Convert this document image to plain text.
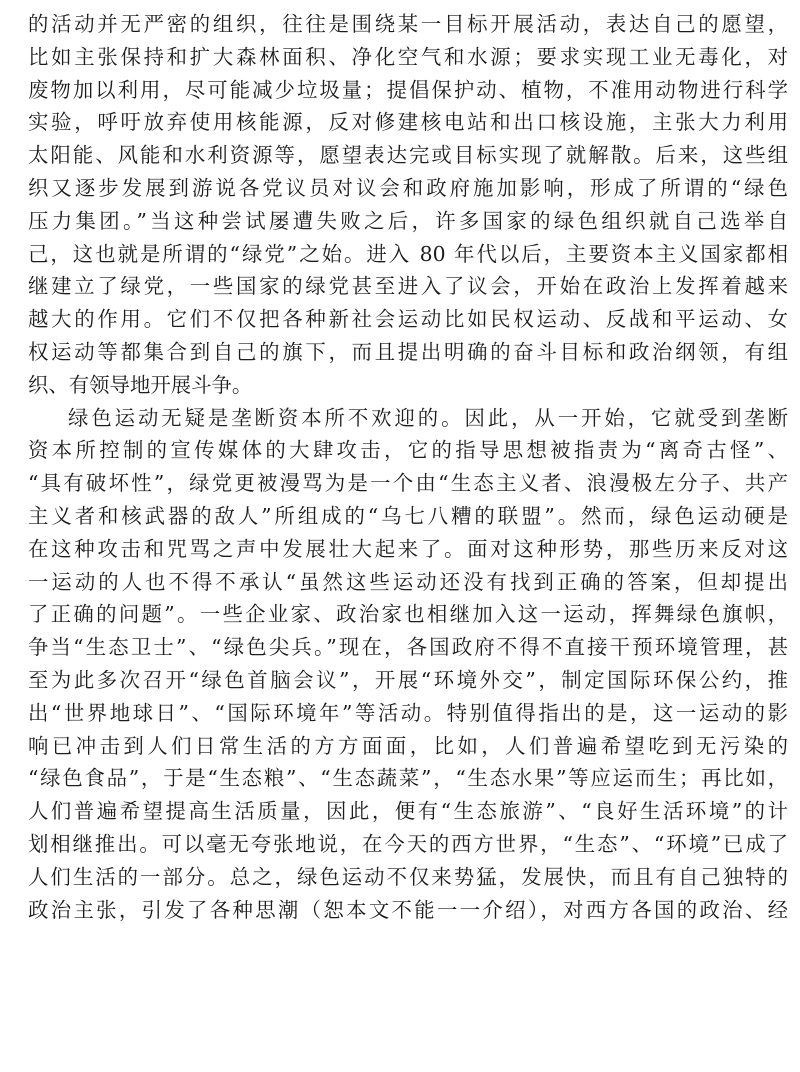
的活动并无严密的组织，往往是围绕某一目标开展活动，表达自己的愿望，
比如主张保持和扩大森林面积、净化空气和水源；要求实现工业无毒化，对
废物加以利用，尽可能减少垃圾量；提倡保护动、植物，不准用动物进行科学
实验，呼吁放弃使用核能源，反对修建核电站和出口核设施，主张大力利用
太阳能、风能和水利资源等，愿望表达完或目标实现了就解散。后来，这些组
织又逐步发展到游说各党议员对议会和政府施加影响，形成了所谓的“绿色
压力集团。”当这种尝试屡遭失败之后，许多国家的绿色组织就自己选举自
己，这也就是所谓的“绿党”之始。进入 80 年代以后，主要资本主义国家都相
继建立了绿党，一些国家的绿党甚至进入了议会，开始在政治上发挥着越来
越大的作用。它们不仅把各种新社会运动比如民权运动、反战和平运动、女
权运动等都集合到自己的旗下，而且提出明确的奋斗目标和政治纲领，有组
织、有领导地开展斗争。
绿色运动无疑是垄断资本所不欢迎的。因此，从一开始，它就受到垄断
资本所控制的宣传媒体的大肆攻击，它的指导思想被指责为“离奇古怪”、
“具有破坏性”，绿党更被漫骂为是一个由“生态主义者、浪漫极左分子、共产
主义者和核武器的敌人”所组成的“乌七八糟的联盟”。然而，绿色运动硬是
在这种攻击和咒骂之声中发展壮大起来了。面对这种形势，那些历来反对这
一运动的人也不得不承认“虽然这些运动还没有找到正确的答案，但却提出
了正确的问题”。一些企业家、政治家也相继加入这一运动，挥舞绿色旗帜，
争当“生态卫士”、“绿色尖兵。”现在，各国政府不得不直接干预环境管理，甚
至为此多次召开“绿色首脑会议”，开展“环境外交”，制定国际环保公约，推
出“世界地球日”、“国际环境年”等活动。特别值得指出的是，这一运动的影
响已冲击到人们日常生活的方方面面，比如，人们普遍希望吃到无污染的
“绿色食品”，于是“生态粮”、“生态蔬菜”，“生态水果”等应运而生；再比如，
人们普遍希望提高生活质量，因此，便有“生态旅游”、“良好生活环境”的计
划相继推出。可以毫无夸张地说，在今天的西方世界，“生态”、“环境”已成了
人们生活的一部分。总之，绿色运动不仅来势猛，发展快，而且有自己独特的
政治主张，引发了各种思潮（恕本文不能一一介绍），对西方各国的政治、经
